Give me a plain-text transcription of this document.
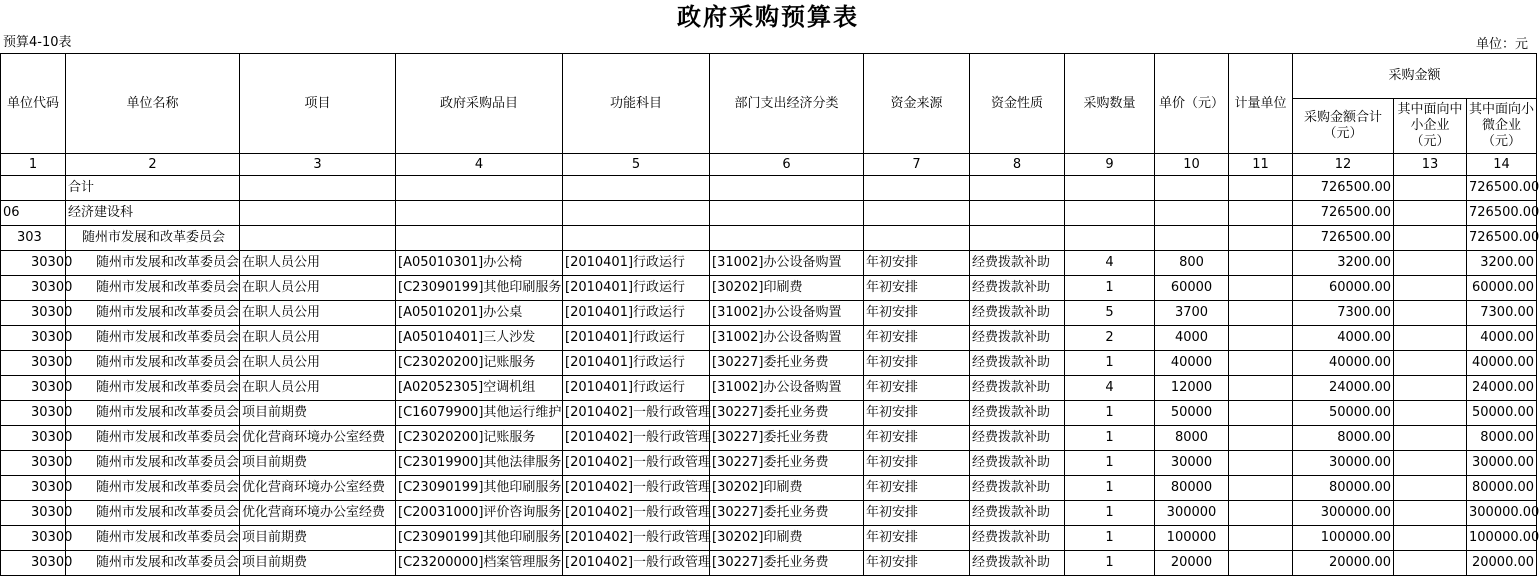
政府采购预算表
预算4-10表	单位：元
单位代码	单位名称	项目	政府采购品目	功能科目	部门支出经济分类	资金来源	资金性质	采购数量	单价（元）	计量单位	采购金额		
											采购金额合计（元）	其中面向中小企业（元）	其中面向小微企业（元）
1	2	3	4	5	6	7	8	9	10	11	12	13	14
	合计										726500.00		726500.00
06	经济建设科										726500.00		726500.00
303	随州市发展和改革委员会										726500.00		726500.00
30300	随州市发展和改革委员会	在职人员公用	[A05010301]办公椅	[2010401]行政运行	[31002]办公设备购置	年初安排	经费拨款补助	4	800		3200.00		3200.00
30300	随州市发展和改革委员会	在职人员公用	[C23090199]其他印刷服务	[2010401]行政运行	[30202]印刷费	年初安排	经费拨款补助	1	60000		60000.00		60000.00
30300	随州市发展和改革委员会	在职人员公用	[A05010201]办公桌	[2010401]行政运行	[31002]办公设备购置	年初安排	经费拨款补助	5	3700		7300.00		7300.00
30300	随州市发展和改革委员会	在职人员公用	[A05010401]三人沙发	[2010401]行政运行	[31002]办公设备购置	年初安排	经费拨款补助	2	4000		4000.00		4000.00
30300	随州市发展和改革委员会	在职人员公用	[C23020200]记账服务	[2010401]行政运行	[30227]委托业务费	年初安排	经费拨款补助	1	40000		40000.00		40000.00
30300	随州市发展和改革委员会	在职人员公用	[A02052305]空调机组	[2010401]行政运行	[31002]办公设备购置	年初安排	经费拨款补助	4	12000		24000.00		24000.00
30300	随州市发展和改革委员会	项目前期费	[C16079900]其他运行维护	[2010402]一般行政管理	[30227]委托业务费	年初安排	经费拨款补助	1	50000		50000.00		50000.00
30300	随州市发展和改革委员会	优化营商环境办公室经费	[C23020200]记账服务	[2010402]一般行政管理	[30227]委托业务费	年初安排	经费拨款补助	1	8000		8000.00		8000.00
30300	随州市发展和改革委员会	项目前期费	[C23019900]其他法律服务	[2010402]一般行政管理	[30227]委托业务费	年初安排	经费拨款补助	1	30000		30000.00		30000.00
30300	随州市发展和改革委员会	优化营商环境办公室经费	[C23090199]其他印刷服务	[2010402]一般行政管理	[30202]印刷费	年初安排	经费拨款补助	1	80000		80000.00		80000.00
30300	随州市发展和改革委员会	优化营商环境办公室经费	[C20031000]评价咨询服务	[2010402]一般行政管理	[30227]委托业务费	年初安排	经费拨款补助	1	300000		300000.00		300000.00
30300	随州市发展和改革委员会	项目前期费	[C23090199]其他印刷服务	[2010402]一般行政管理	[30202]印刷费	年初安排	经费拨款补助	1	100000		100000.00		100000.00
30300	随州市发展和改革委员会	项目前期费	[C23200000]档案管理服务	[2010402]一般行政管理	[30227]委托业务费	年初安排	经费拨款补助	1	20000		20000.00		20000.00
